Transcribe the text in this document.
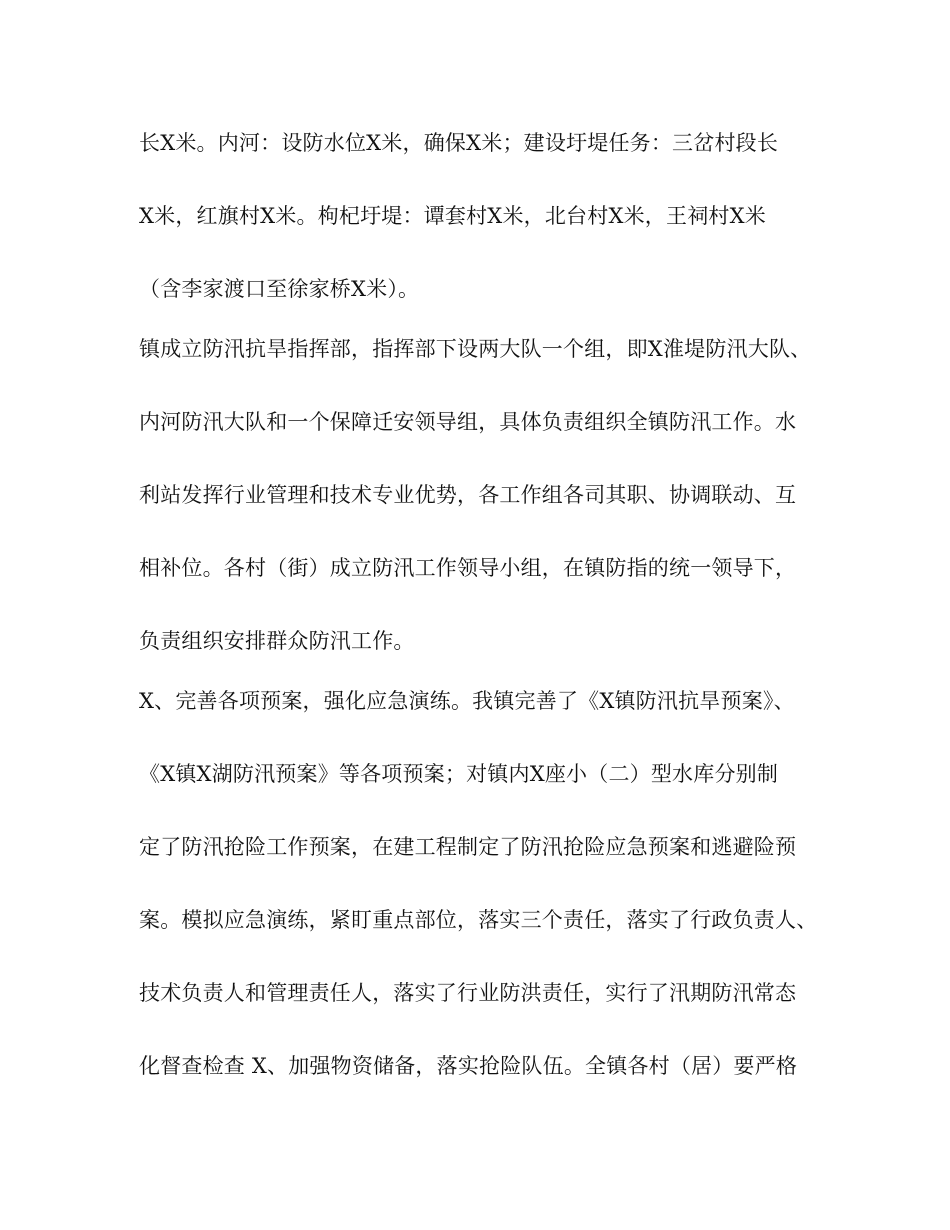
长X米。内河：设防水位X米，确保X米；建设圩堤任务：三岔村段长
X米，红旗村X米。枸杞圩堤：谭套村X米，北台村X米，王祠村X米
（含李家渡口至徐家桥X米）。
镇成立防汛抗旱指挥部，指挥部下设两大队一个组，即X淮堤防汛大队、
内河防汛大队和一个保障迁安领导组，具体负责组织全镇防汛工作。水
利站发挥行业管理和技术专业优势，各工作组各司其职、协调联动、互
相补位。各村（街）成立防汛工作领导小组，在镇防指的统一领导下，
负责组织安排群众防汛工作。
X、完善各项预案，强化应急演练。我镇完善了《X镇防汛抗旱预案》、
《X镇X湖防汛预案》等各项预案；对镇内X座小（二）型水库分别制
定了防汛抢险工作预案，在建工程制定了防汛抢险应急预案和逃避险预
案。模拟应急演练，紧盯重点部位，落实三个责任，落实了行政负责人、
技术负责人和管理责任人，落实了行业防洪责任，实行了汛期防汛常态
化督查检查 X、加强物资储备，落实抢险队伍。全镇各村（居）要严格
